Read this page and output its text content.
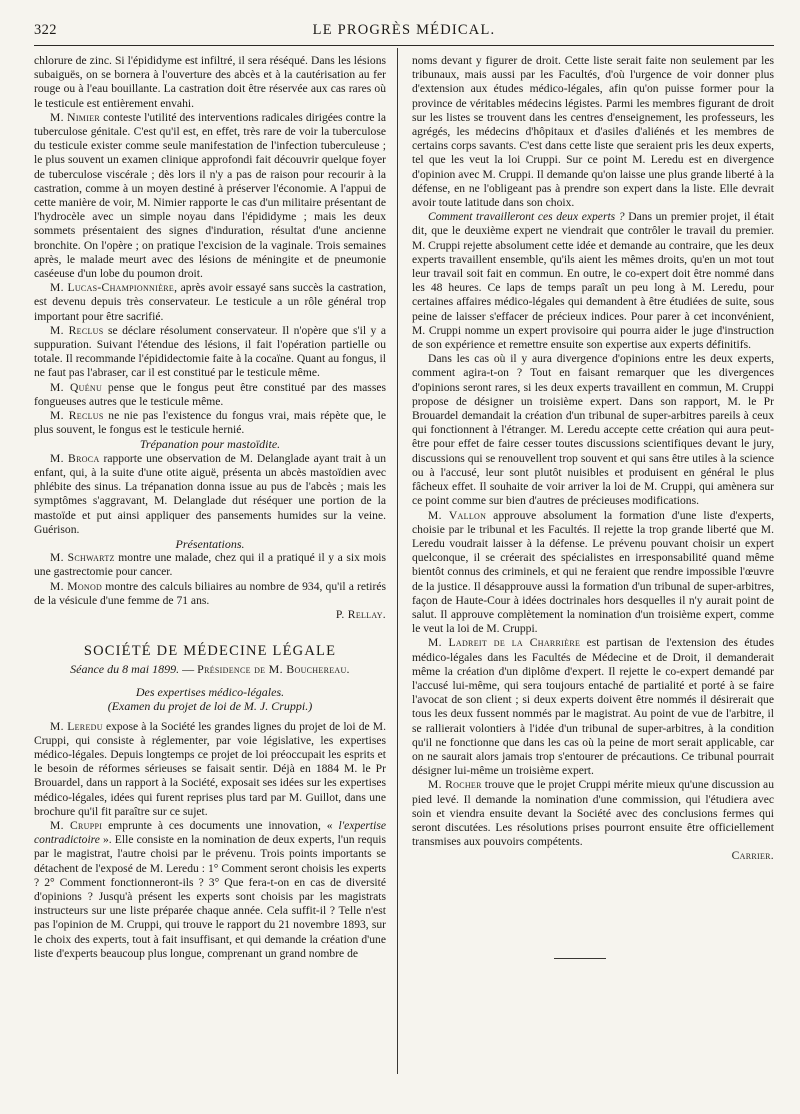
322	LE PROGRÈS MÉDICAL.

chlorure de zinc. Si l'épididyme est infiltré, il sera réséqué. Dans les lésions subaiguës, on se bornera à l'ouverture des abcès et à la cautérisation au fer rouge ou à l'eau bouillante. La castration doit être réservée aux cas rares où le testicule est entièrement envahi.

M. Nimier conteste l'utilité des interventions radicales dirigées contre la tuberculose génitale. C'est qu'il est, en effet, très rare de voir la tuberculose du testicule exister comme seule manifestation de l'infection tuberculeuse ; le plus souvent un examen clinique approfondi fait découvrir quelque foyer de tuberculose viscérale ; dès lors il n'y a pas de raison pour recourir à la castration, comme à un moyen destiné à préserver l'économie. A l'appui de cette manière de voir, M. Nimier rapporte le cas d'un militaire présentant de l'hydrocèle avec un simple noyau dans l'épididyme ; mais les deux sommets présentaient des signes d'induration, résultat d'une ancienne bronchite. On l'opère ; on pratique l'excision de la vaginale. Trois semaines après, le malade meurt avec des lésions de méningite et de pneumonie caséeuse d'un lobe du poumon droit.

M. Lucas-Championnière, après avoir essayé sans succès la castration, est devenu depuis très conservateur. Le testicule a un rôle général trop important pour être sacrifié.

M. Reclus se déclare résolument conservateur. Il n'opère que s'il y a suppuration. Suivant l'étendue des lésions, il fait l'opération partielle ou totale. Il recommande l'épididectomie faite à la cocaïne. Quant au fongus, il ne faut pas l'abraser, car il est constitué par le testicule même.

M. Quénu pense que le fongus peut être constitué par des masses fongueuses autres que le testicule même.

M. Reclus ne nie pas l'existence du fongus vrai, mais répète que, le plus souvent, le fongus est le testicule hernié.

Trépanation pour mastoïdite.

M. Broca rapporte une observation de M. Delanglade ayant trait à un enfant, qui, à la suite d'une otite aiguë, présenta un abcès mastoïdien avec phlébite des sinus. La trépanation donna issue au pus de l'abcès ; mais les symptômes s'aggravant, M. Delanglade dut réséquer une portion de la mastoïde et put ainsi appliquer des pansements humides sur la veine. Guérison.

Présentations.

M. Schwartz montre une malade, chez qui il a pratiqué il y a six mois une gastrectomie pour cancer.

M. Monod montre des calculs biliaires au nombre de 934, qu'il a retirés de la vésicule d'une femme de 71 ans.

P. Rellay.

SOCIÉTÉ DE MÉDECINE LÉGALE
Séance du 8 mai 1899. — Présidence de M. Bouchereau.
Des expertises médico-légales.
(Examen du projet de loi de M. J. Cruppi.)

M. Leredu expose à la Société les grandes lignes du projet de loi de M. Cruppi, qui consiste à réglementer, par voie législative, les expertises médico-légales. Depuis longtemps ce projet de loi préoccupait les esprits et le besoin de réformes sérieuses se faisait sentir. Déjà en 1884 M. le Pr Brouardel, dans un rapport à la Société, exposait ses idées sur les expertises médico-légales, idées qui furent reprises plus tard par M. Guillot, dans une brochure qu'il fit paraître sur ce sujet.

M. Cruppi emprunte à ces documents une innovation, « l'expertise contradictoire ». Elle consiste en la nomination de deux experts, l'un requis par le magistrat, l'autre choisi par le prévenu. Trois points importants se détachent de l'exposé de M. Leredu : 1° Comment seront choisis les experts ? 2° Comment fonctionneront-ils ? 3° Que fera-t-on en cas de diversité d'opinions ? Jusqu'à présent les experts sont choisis par les magistrats instructeurs sur une liste préparée chaque année. Cela suffit-il ? Telle n'est pas l'opinion de M. Cruppi, qui trouve le rapport du 21 novembre 1893, sur le choix des experts, tout à fait insuffisant, et qui demande la création d'une liste d'experts beaucoup plus longue, comprenant un grand nombre de

noms devant y figurer de droit. Cette liste serait faite non seulement par les tribunaux, mais aussi par les Facultés, d'où l'urgence de voir donner plus d'extension aux études médico-légales, afin qu'on puisse former pour la province de véritables médecins légistes. Parmi les membres figurant de droit sur les listes se trouvent dans les centres d'enseignement, les professeurs, les agrégés, les médecins d'hôpitaux et d'asiles d'aliénés et les membres de certains corps savants. C'est dans cette liste que seraient pris les deux experts, tel que les veut la loi Cruppi. Sur ce point M. Leredu est en divergence d'opinion avec M. Cruppi. Il demande qu'on laisse une plus grande liberté à la défense, en ne l'obligeant pas à prendre son expert dans la liste. Elle devrait avoir toute latitude dans son choix.

Comment travailleront ces deux experts ? Dans un premier projet, il était dit, que le deuxième expert ne viendrait que contrôler le travail du premier. M. Cruppi rejette absolument cette idée et demande au contraire, que les deux experts travaillent ensemble, qu'ils aient les mêmes droits, qu'en un mot tout leur travail soit fait en commun. En outre, le co-expert doit être nommé dans les 48 heures. Ce laps de temps paraît un peu long à M. Leredu, pour certaines affaires médico-légales qui demandent à être étudiées de suite, sous peine de laisser s'effacer de précieux indices. Pour parer à cet inconvénient, M. Cruppi nomme un expert provisoire qui pourra aider le juge d'instruction de son expérience et remettre ensuite son expertise aux experts définitifs.

Dans les cas où il y aura divergence d'opinions entre les deux experts, comment agira-t-on ? Tout en faisant remarquer que les divergences d'opinions seront rares, si les deux experts travaillent en commun, M. Cruppi propose de désigner un troisième expert. Dans son rapport, M. le Pr Brouardel demandait la création d'un tribunal de super-arbitres pareils à ceux qui fonctionnent à l'étranger. M. Leredu accepte cette création qui aura peut-être pour effet de faire cesser toutes discussions scientifiques devant le jury, discussions qui se renouvellent trop souvent et qui sans être utiles à la science ou à l'accusé, leur sont plutôt nuisibles et produisent en général le plus fâcheux effet. Il souhaite de voir arriver la loi de M. Cruppi, qui amènera sur ce point comme sur bien d'autres de précieuses modifications.

M. Vallon approuve absolument la formation d'une liste d'experts, choisie par le tribunal et les Facultés. Il rejette la trop grande liberté que M. Leredu voudrait laisser à la défense. Le prévenu pouvant choisir un expert quelconque, il se créerait des spécialistes en irresponsabilité quand même bientôt connus des criminels, et qui ne feraient que rendre impossible l'œuvre de la justice. Il désapprouve aussi la formation d'un tribunal de super-arbitres, façon de Haute-Cour à idées doctrinales hors desquelles il n'y aurait point de salut. Il approuve complètement la nomination d'un troisième expert, comme le veut la loi de M. Cruppi.

M. Ladreit de la Charrière est partisan de l'extension des études médico-légales dans les Facultés de Médecine et de Droit, il demanderait même la création d'un diplôme d'expert. Il rejette le co-expert demandé par l'accusé lui-même, qui sera toujours entaché de partialité et porté à se faire l'avocat de son client ; si deux experts doivent être nommés il désirerait que tous les deux fussent nommés par le magistrat. Au point de vue de l'arbitre, il se rallierait volontiers à l'idée d'un tribunal de super-arbitres, à la condition qu'il ne fonctionne que dans les cas où la peine de mort serait applicable, car on ne saurait alors jamais trop s'entourer de précautions. Ce tribunal pourrait désigner lui-même un troisième expert.

M. Rocher trouve que le projet Cruppi mérite mieux qu'une discussion au pied levé. Il demande la nomination d'une commission, qui l'étudiera avec soin et viendra ensuite devant la Société avec des conclusions fermes qui seront discutées. Les résolutions prises pourront ensuite être officiellement transmises aux pouvoirs compétents.

Carrier.
